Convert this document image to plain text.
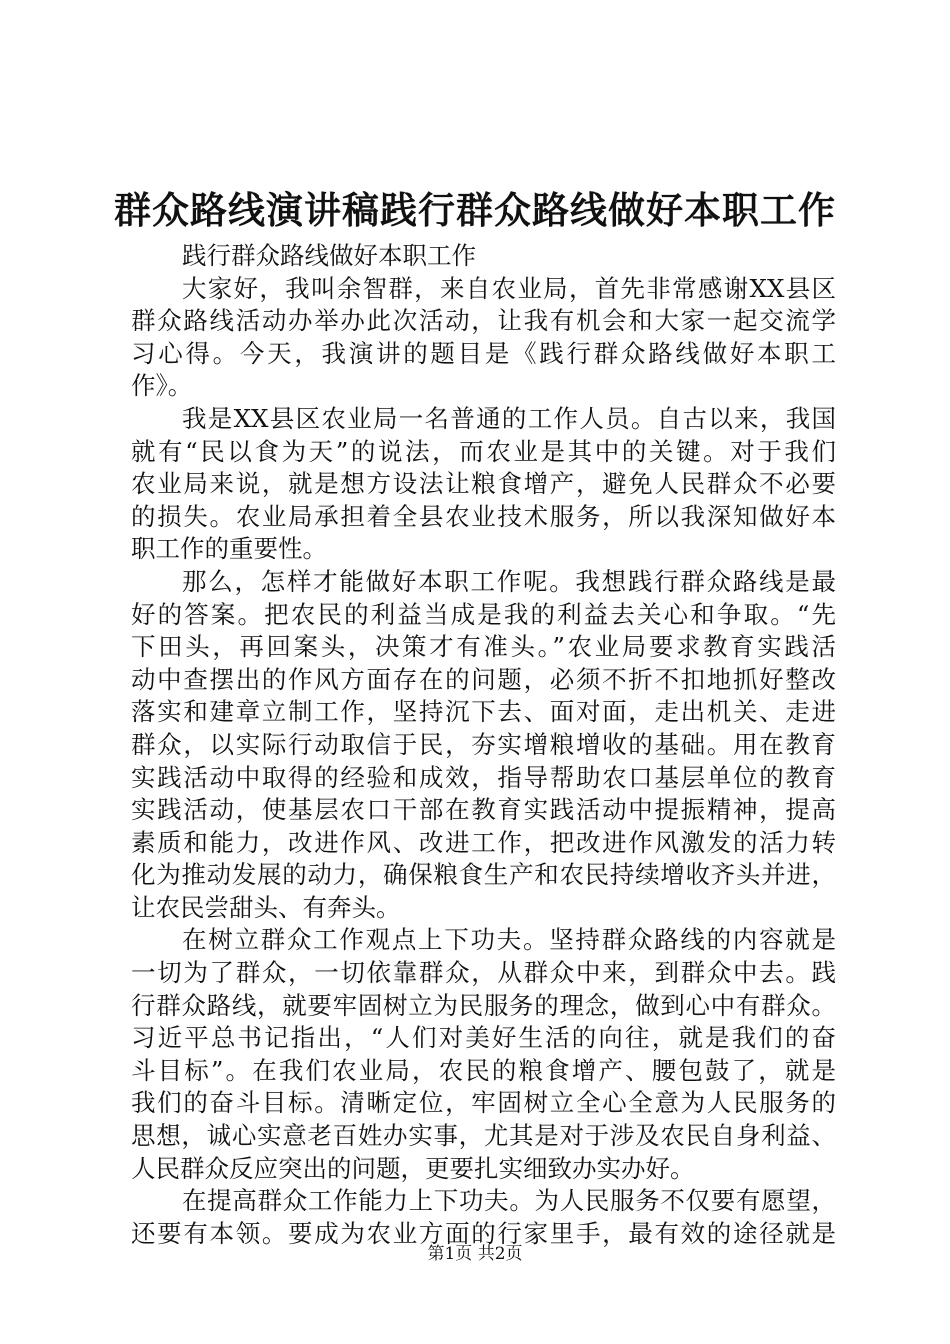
群众路线演讲稿践行群众路线做好本职工作
践行群众路线做好本职工作
大家好，我叫余智群，来自农业局，首先非常感谢XX县区
群众路线活动办举办此次活动，让我有机会和大家一起交流学
习心得。今天，我演讲的题目是《践行群众路线做好本职工
作》。
我是XX县区农业局一名普通的工作人员。自古以来，我国
就有“民以食为天”的说法，而农业是其中的关键。对于我们
农业局来说，就是想方设法让粮食增产，避免人民群众不必要
的损失。农业局承担着全县农业技术服务，所以我深知做好本
职工作的重要性。
那么，怎样才能做好本职工作呢。我想践行群众路线是最
好的答案。把农民的利益当成是我的利益去关心和争取。“先
下田头，再回案头，决策才有准头。”农业局要求教育实践活
动中查摆出的作风方面存在的问题，必须不折不扣地抓好整改
落实和建章立制工作，坚持沉下去、面对面，走出机关、走进
群众，以实际行动取信于民，夯实增粮增收的基础。用在教育
实践活动中取得的经验和成效，指导帮助农口基层单位的教育
实践活动，使基层农口干部在教育实践活动中提振精神，提高
素质和能力，改进作风、改进工作，把改进作风激发的活力转
化为推动发展的动力，确保粮食生产和农民持续增收齐头并进，
让农民尝甜头、有奔头。
在树立群众工作观点上下功夫。坚持群众路线的内容就是
一切为了群众，一切依靠群众，从群众中来，到群众中去。践
行群众路线，就要牢固树立为民服务的理念，做到心中有群众。
习近平总书记指出，“人们对美好生活的向往，就是我们的奋
斗目标”。在我们农业局，农民的粮食增产、腰包鼓了，就是
我们的奋斗目标。清晰定位，牢固树立全心全意为人民服务的
思想，诚心实意老百姓办实事，尤其是对于涉及农民自身利益、
人民群众反应突出的问题，更要扎实细致办实办好。
在提高群众工作能力上下功夫。为人民服务不仅要有愿望，
还要有本领。要成为农业方面的行家里手，最有效的途径就是
第1页 共2页
